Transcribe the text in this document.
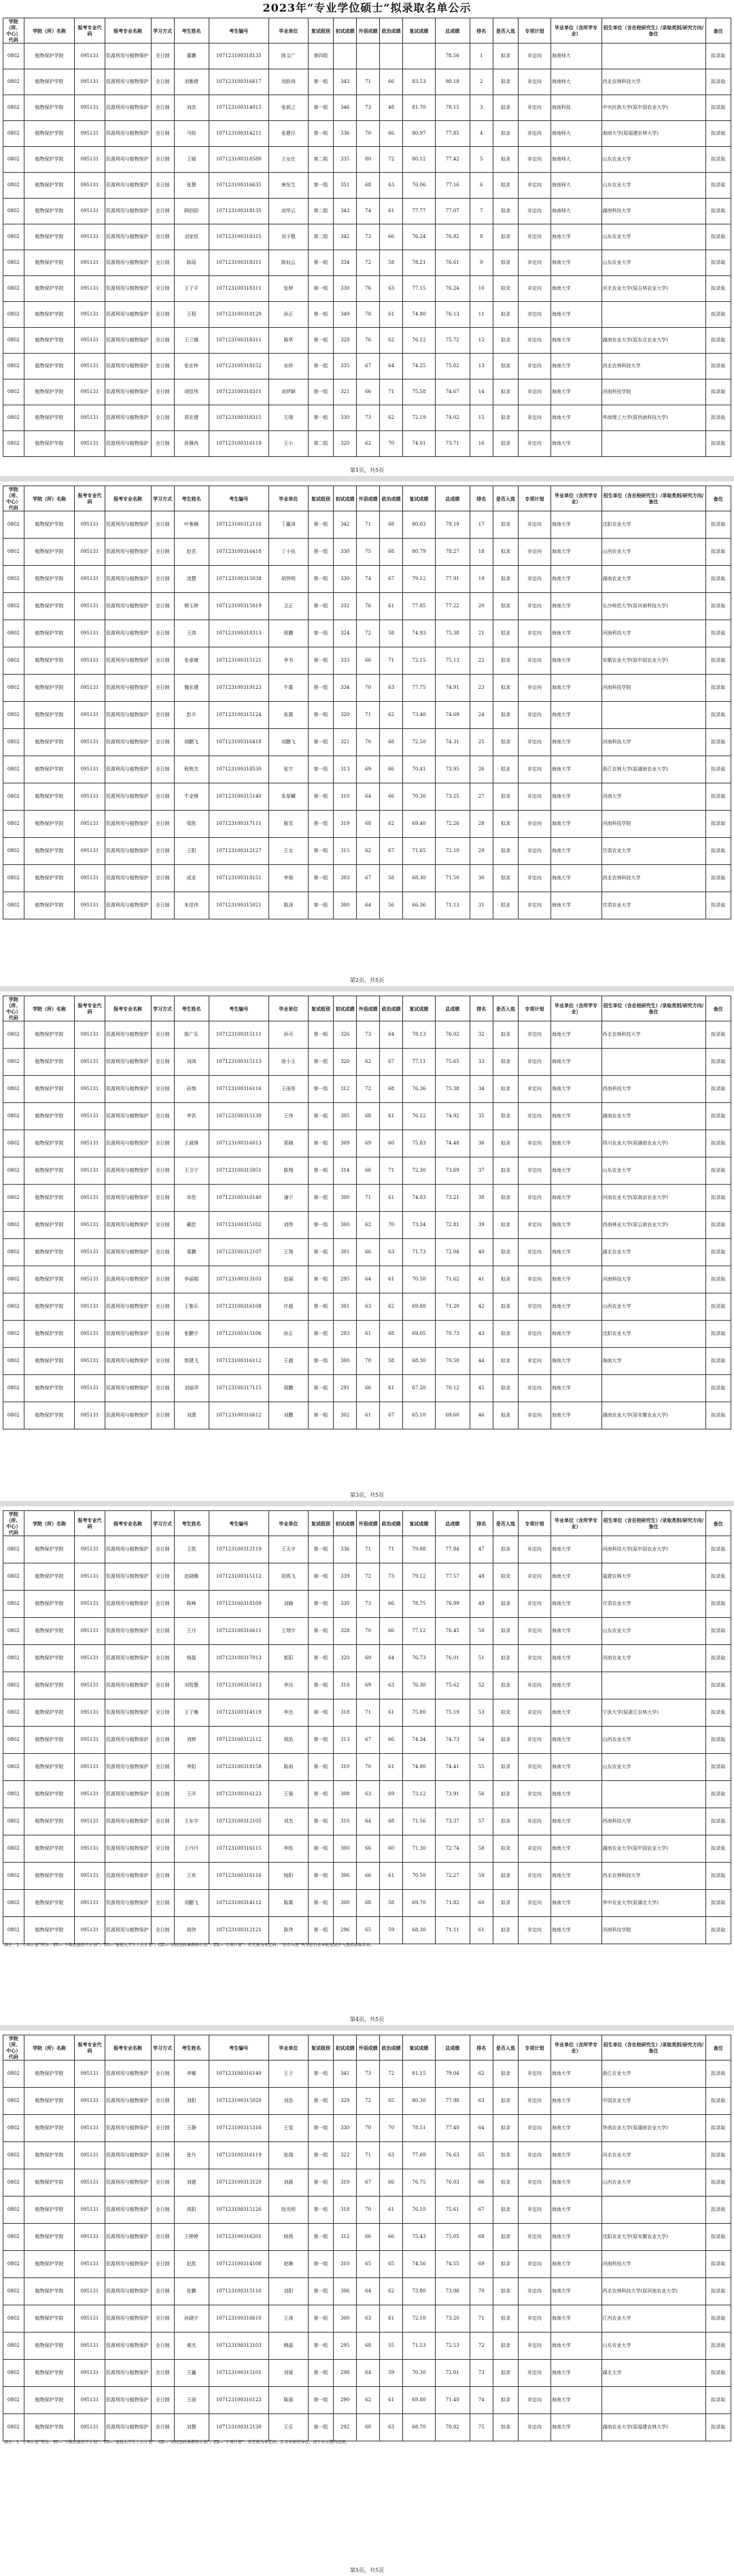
2023年“专业学位硕士”拟录取名单公示
学院（所、中心）代码	学院（所）名称	报考专业代码	报考专业名称	学习方式	考生姓名	考生编号	毕业单位	复试组别	初试成绩	外语成绩	政治成绩	复试成绩	总成绩	排名	是否入选	专项计划	毕业单位（含所学专业）	招生单位（含在校研究生）/录取类别/研究方向/备注	备注
0802	植物保护学院	095131	资源利用与植物保护	全日制	董鹏	107123100318135	陈文广	第四组					78.56	1	拟录	非定向	海南师大		拟录取
0802	植物保护学院	095131	资源利用与植物保护	全日制	刘雅倩	107123100316617	刘跃尚	第一组	343	71	66	83.53	80.18	2	拟录	非定向	海南师大	西北农林科技大学	拟录取
0802	植物保护学院	095131	资源利用与植物保护	全日制	刘彦	107123100314015	张拱之	第一组	346	73	48	81.70	78.15	3	拟录	非定向	海南科技	中央民族大学(原中国农业大学)	拟录取
0802	植物保护学院	095131	资源利用与植物保护	全日制	马铭	107123100314211	张健仔	第一组	336	70	66	80.97	77.85	4	拟录	非定向	海南师大	海南大学(原福建农林大学)	拟录取
0802	植物保护学院	095131	资源利用与植物保护	全日制	王媛	107123100318580	王女仕	第二组	335	80	72	80.12	77.42	5	拟录	非定向	海南师大	山东农业大学	拟录取
0802	植物保护学院	095131	资源利用与植物保护	全日制	张慧	107123100316635	唐发生	第一组	351	68	63	76.06	77.16	6	拟录	非定向	海南师大	山东农业大学	拟录取
0802	植物保护学院	095131	资源利用与植物保护	全日制	顾伯阳	107123100318135	刘华云	第二组	343	74	61	77.77	77.07	7	拟录	非定向	海南师大	湖南科技大学	拟录取
0802	植物保护学院	095131	资源利用与植物保护	全日制	刘家恒	107123100318315	刘子敬	第二组	342	73	66	76.24	76.82	8	拟录	非定向	海南大学	山东农业大学	拟录取
0802	植物保护学院	095131	资源利用与植物保护	全日制	陈瑶	107123100318311	陈仙云	第一组	334	72	58	78.21	76.61	9	拟录	非定向	海南大学	山东农业大学	拟录取
0802	植物保护学院	095131	资源利用与植物保护	全日制	王子平	107123100318311	张婷	第一组	330	76	63	77.15	76.24	10	拟录	非定向	海南大学	河北农业大学(原吉林农业大学)	拟录取
0802	植物保护学院	095131	资源利用与植物保护	全日制	王程	107123100318120	孙正	第一组	349	78	61	74.80	76.13	11	拟录	非定向	海南大学		拟录取
0802	植物保护学院	095131	资源利用与植物保护	全日制	王兰娜	107123100318311	陈华	第一组	328	76	62	76.12	75.72	12	拟录	非定向	海南大学	湖南农业大学(原东北农业大学)	拟录取
0802	植物保护学院	095131	资源利用与植物保护	全日制	张宏梓	107123100318152	宋仲	第一组	335	67	64	74.25	75.02	13	拟录	非定向	海南大学	西北农林科技大学	拟录取
0802	植物保护学院	095131	资源利用与植物保护	全日制	胡佳伟	107123100318311	刘伊颖	第一组	321	66	71	75.58	74.67	14	拟录	非定向	海南大学	河南科技学院	拟录取
0802	植物保护学院	095131	资源利用与植物保护	全日制	郑宏建	107123100318315	左瑞	第一组	330	73	62	72.19	74.02	15	拟录	非定向	海南大学	华南理工大学(原西南科技大学)	拟录取
0802	植物保护学院	095131	资源利用与植物保护	全日制	孙佩冉	107123100316119	王小	第二组	320	62	70	74.01	73.71	16	拟录	非定向	海南大学		拟录取
第1页，共5页
学院（所、中心）代码	学院（所）名称	报考专业代码	报考专业名称	学习方式	考生姓名	考生编号	毕业单位	复试组别	初试成绩	外语成绩	政治成绩	复试成绩	总成绩	排名	是否入选	专项计划	毕业单位（含所学专业）	招生单位（含在校研究生）/录取类别/研究方向/备注	备注
0802	植物保护学院	095131	资源利用与植物保护	全日制	叶雅楠	107123100312116	丁赢泽	第一组	342	71	68	80.03	79.19	17	拟录	非定向	海南大学	沈阳农业大学	拟录取
0802	植物保护学院	095131	资源利用与植物保护	全日制	赵君	107123100316418	丁小伍	第一组	330	75	68	80.79	78.27	18	拟录	非定向	海南大学	山西农业大学	拟录取
0802	植物保护学院	095131	资源利用与植物保护	全日制	凌慧	107123100315038	胡伟明	第一组	330	74	67	79.12	77.91	19	拟录	非定向	海南大学	湖南农业大学	拟录取
0802	植物保护学院	095131	资源利用与植物保护	全日制	柳玉婷	107123100315019	卫正	第一组	332	76	61	77.85	77.22	20	拟录	非定向	海南大学	长沙师范大学(原河南科技大学)	拟录取
0802	植物保护学院	095131	资源利用与植物保护	全日制	王鸿	107123100318313	邢鹏	第一组	324	72	58	74.93	75.38	21	拟录	非定向	海南大学	河南科技大学	拟录取
0802	植物保护学院	095131	资源利用与植物保护	全日制	张春婕	107123100315121	李书	第一组	333	66	71	72.15	75.13	22	拟录	非定向	海南大学	安徽农业大学(原中国农业大学)	拟录取
0802	植物保护学院	095131	资源利用与植物保护	全日制	魏宏建	107123100319123	牛霞	第一组	334	70	63	77.75	74.91	23	拟录	非定向	海南大学	河南科技学院	拟录取
0802	植物保护学院	095131	资源利用与植物保护	全日制	彭丰	107123100315124	张霞	第一组	320	71	62	73.40	74.69	24	拟录	非定向	海南大学		拟录取
0802	植物保护学院	095131	资源利用与植物保护	全日制	胡鹏飞	107123100316418	刘鹏飞	第一组	321	70	68	72.50	74.31	25	拟录	非定向	海南大学	河南科技大学	拟录取
0802	植物保护学院	095131	资源利用与植物保护	全日制	程俊杰	107123100318530	张宇	第一组	313	69	66	70.41	73.95	26	拟录	非定向	海南大学	浙江农林大学(原湖南农业大学)	拟录取
0802	植物保护学院	095131	资源利用与植物保护	全日制	牛金锋	107123100315140	朱厚麟	第一组	310	64	66	70.30	73.25	27	拟录	非定向	海南大学	河南大学	拟录取
0802	植物保护学院	095131	资源利用与植物保护	全日制	梁凯	107123100317111	陈雪	第一组	319	68	62	69.40	72.26	28	拟录	非定向	海南大学	河南科技学院	拟录取
0802	植物保护学院	095131	资源利用与植物保护	全日制	王阳	107123100312127	王女	第一组	315	62	67	71.65	72.10	29	拟录	非定向	海南大学	甘肃农业大学	拟录取
0802	植物保护学院	095131	资源利用与植物保护	全日制	成亚	107123100318151	李强	第一组	303	67	58	68.30	71.50	30	拟录	非定向	海南大学	西北农林科技大学	拟录取
0802	植物保护学院	095131	资源利用与植物保护	全日制	朱佳伟	107123100315021	陈泽	第一组	300	64	56	66.36	71.13	31	拟录	非定向	海南大学	甘肃农业大学	拟录取
第2页，共5页
学院（所、中心）代码	学院（所）名称	报考专业代码	报考专业名称	学习方式	考生姓名	考生编号	毕业单位	复试组别	初试成绩	外语成绩	政治成绩	复试成绩	总成绩	排名	是否入选	专项计划	毕业单位（含所学专业）	招生单位（含在校研究生）/录取类别/研究方向/备注	备注
0802	植物保护学院	095131	资源利用与植物保护	全日制	陈广乐	107123100315111	孙可	第一组	326	73	64	78.13	76.02	32	拟录	非定向	海南大学	西北农林科技大学	拟录取
0802	植物保护学院	095131	资源利用与植物保护	全日制	刘鸿	107123100315113	庞小玉	第一组	320	62	67	77.11	75.65	33	拟录	非定向	海南大学		拟录取
0802	植物保护学院	095131	资源利用与植物保护	全日制	孙翔	107123100316116	王雨彤	第一组	312	72	68	76.36	75.38	34	拟录	非定向	海南大学	西南科技大学	拟录取
0802	植物保护学院	095131	资源利用与植物保护	全日制	李君	107123100315130	王伟	第一组	305	68	61	76.12	74.92	35	拟录	非定向	海南大学	湖南农业大学	拟录取
0802	植物保护学院	095131	资源利用与植物保护	全日制	王晨锋	107123100316013	郑晓	第一组	309	69	60	75.83	74.48	36	拟录	非定向	海南大学	四川农业大学(原湖南农业大学)	拟录取
0802	植物保护学院	095131	资源利用与植物保护	全日制	王卫宁	107123100315051	陈翔	第一组	314	66	71	72.30	73.69	37	拟录	非定向	海南大学	山东农业大学	拟录取
0802	植物保护学院	095131	资源利用与植物保护	全日制	单佳	107123100316140	潘宁	第一组	300	71	61	74.03	73.21	38	拟录	非定向	海南大学	河南农业大学(原南京农业大学)	拟录取
0802	植物保护学院	095131	资源利用与植物保护	全日制	戴佳	107123100315102	刘伟	第一组	300	62	70	73.34	72.81	39	拟录	非定向	海南大学	西南林业大学(原云南农业大学)	拟录取
0802	植物保护学院	095131	资源利用与植物保护	全日制	葛鹏	107123100312107	王翔	第一组	301	66	63	71.73	72.04	40	拟录	非定向	海南大学	湖北农业大学	拟录取
0802	植物保护学院	095131	资源利用与植物保护	全日制	李丽娟	107123100313103	赵丽	第一组	295	64	61	70.50	71.62	41	拟录	非定向	海南大学	河南科技大学	拟录取
0802	植物保护学院	095131	资源利用与植物保护	全日制	王雅乐	107123100316108	许超	第一组	301	63	62	69.88	71.20	42	拟录	非定向	海南大学	山西农业大学	拟录取
0802	植物保护学院	095131	资源利用与植物保护	全日制	张鹏宇	107123100315106	孙正	第一组	293	61	68	69.05	70.73	43	拟录	非定向	海南大学	沈阳农业大学	拟录取
0802	植物保护学院	095131	资源利用与植物保护	全日制	郭建飞	107123100316112	王超	第一组	300	70	58	68.30	70.50	44	拟录	非定向	海南大学	海南大学	拟录取
0802	植物保护学院	095131	资源利用与植物保护	全日制	刘丽萍	107123100317115	胡鹏	第一组	291	66	61	67.20	70.12	45	拟录	非定向	海南大学		拟录取
0802	植物保护学院	095131	资源利用与植物保护	全日制	刘潇	107123100316612	刘鹏	第一组	302	61	67	65.10	69.60	46	拟录	非定向	海南大学	湖南农业大学(原安徽农业大学)	拟录取
第3页，共5页
学院（所、中心）代码	学院（所）名称	报考专业代码	报考专业名称	学习方式	考生姓名	考生编号	毕业单位	复试组别	初试成绩	外语成绩	政治成绩	复试成绩	总成绩	排名	是否入选	专项计划	毕业单位（含所学专业）	招生单位（含在校研究生）/录取类别/研究方向/备注	备注
0802	植物保护学院	095131	资源利用与植物保护	全日制	王凯	107123100312119	王天宇	第一组	336	71	71	79.88	77.84	47	拟录	非定向	海南大学	河南科技大学(原中国农业大学)	拟录取
0802	植物保护学院	095131	资源利用与植物保护	全日制	赵晓腾	107123100315112	胡鸿飞	第一组	339	72	73	79.12	77.57	48	拟录	非定向	海南大学	福建农林大学	拟录取
0802	植物保护学院	095131	资源利用与植物保护	全日制	陈峰	107123100318109	刘晓	第一组	330	73	66	78.75	76.99	49	拟录	非定向	海南大学	甘肃农业大学	拟录取
0802	植物保护学院	095131	资源利用与植物保护	全日制	王丹	107123100316611	王翔宇	第一组	328	70	66	77.12	76.45	50	拟录	非定向	海南大学	山东农业大学	拟录取
0802	植物保护学院	095131	资源利用与植物保护	全日制	杨磊	107123100317013	郭阳	第一组	320	69	64	76.73	76.01	51	拟录	非定向	海南大学	河南农业大学	拟录取
0802	植物保护学院	095131	资源利用与植物保护	全日制	刘智慧	107123100315013	李达	第一组	318	69	63	76.30	75.62	52	拟录	非定向	海南大学		拟录取
0802	植物保护学院	095131	资源利用与植物保护	全日制	王子衡	107123100314119	李达	第一组	318	71	61	75.80	75.19	53	拟录	非定向	海南大学	宁波大学(原浙江农林大学)	拟录取
0802	植物保护学院	095131	资源利用与植物保护	全日制	刘婷	107123100312112	胡浩	第一组	313	67	66	74.34	74.73	54	拟录	非定向	海南大学	山西农业大学	拟录取
0802	植物保护学院	095131	资源利用与植物保护	全日制	李阳	107123100318158	陈雨	第一组	310	70	61	74.00	74.41	55	拟录	非定向	海南大学	山东农业大学	拟录取
0802	植物保护学院	095131	资源利用与植物保护	全日制	王洋	107123100316123	王强	第一组	308	63	69	73.12	73.91	56	拟录	非定向	海南大学		拟录取
0802	植物保护学院	095131	资源利用与植物保护	全日制	王东宇	107123100312105	刘杰	第一组	310	64	68	71.56	73.37	57	拟录	非定向	海南大学	西南科技大学	拟录取
0802	植物保护学院	095131	资源利用与植物保护	全日制	王丹丹	107123100316115	李铭	第一组	300	66	60	71.30	72.74	58	拟录	非定向	海南大学	湖南农业大学(原中国农业大学)	拟录取
0802	植物保护学院	095131	资源利用与植物保护	全日制	王欢	107123100316116	杨阳	第一组	306	66	61	70.50	72.27	59	拟录	非定向	海南大学	西北农林科技大学	拟录取
0802	植物保护学院	095131	资源利用与植物保护	全日制	刘鹏飞	107123100314112	陈霞	第一组	300	68	58	69.70	71.82	60	拟录	非定向	海南大学	华中农业大学(原湖北大学)	拟录取
0802	植物保护学院	095131	资源利用与植物保护	全日制	胡伟	107123100312121	陈伟	第一组	296	65	59	68.30	71.11	61	拟录	非定向	海南大学	河南科技学院	拟录取
备注：1.“专项计划”列为：SY—“少数民族骨干计划”；TG—“退役大学生士兵计划”；GZ—“高校思政课教师计划”；ZX—“专项计划”；若无则为非定向；“是否入选”列为是否在本轮复试中入选拟录取名单。
第4页，共5页
学院（所、中心）代码	学院（所）名称	报考专业代码	报考专业名称	学习方式	考生姓名	考生编号	毕业单位	复试组别	初试成绩	外语成绩	政治成绩	复试成绩	总成绩	排名	是否入选	专项计划	毕业单位（含所学专业）	招生单位（含在校研究生）/录取类别/研究方向/备注	备注
0802	植物保护学院	095131	资源利用与植物保护	全日制	李娜	107123100316140	王子	第一组	341	73	72	81.15	79.04	62	拟录	非定向	海南大学	浙江农业大学	拟录取
0802	植物保护学院	095131	资源利用与植物保护	全日制	刘阳	107123100315020	刘浩	第一组	329	72	65	80.30	77.98	63	拟录	非定向	海南大学	中国农业大学	拟录取
0802	植物保护学院	095131	资源利用与植物保护	全日制	王静	107123100315316	王雯	第一组	330	70	70	78.51	77.40	64	拟录	非定向	海南大学	华南农业大学(原湖南农业大学)	拟录取
0802	植物保护学院	095131	资源利用与植物保护	全日制	张丹	107123100316119	张瑞	第一组	322	71	63	77.69	76.63	65	拟录	非定向	海南大学	河北农业大学	拟录取
0802	植物保护学院	095131	资源利用与植物保护	全日制	刘建	107123100313120	刘晨	第一组	319	67	66	76.75	76.03	66	拟录	非定向	海南大学	山西农业大学	拟录取
0802	植物保护学院	095131	资源利用与植物保护	全日制	高阳	107123100315126	赵光明	第一组	318	70	61	76.10	75.61	67	拟录	非定向	海南大学		拟录取
0802	植物保护学院	095131	资源利用与植物保护	全日制	王婷婷	107123100316201	杨茜	第一组	312	66	66	75.43	75.05	68	拟录	非定向	海南大学	沈阳农业大学(原安徽农业大学)	拟录取
0802	植物保护学院	095131	资源利用与植物保护	全日制	赵凯	107123100314108	赵琳	第一组	310	65	65	74.56	74.55	69	拟录	非定向	海南大学	河南科技大学	拟录取
0802	植物保护学院	095131	资源利用与植物保护	全日制	张鹏	107123100315110	刘阳	第一组	306	64	62	73.80	73.96	70	拟录	非定向	海南大学	西北农林科技大学(原河南农业大学)	拟录取
0802	植物保护学院	095131	资源利用与植物保护	全日制	孙晓宇	107123100316610	王涛	第一组	300	63	61	72.10	73.20	71	拟录	非定向	海南大学	江西农业大学	拟录取
0802	植物保护学院	095131	资源利用与植物保护	全日制	黄杰	107123100313103	韩磊	第一组	295	68	55	71.53	72.53	72	拟录	非定向	海南大学	山东农业大学	拟录取
0802	植物保护学院	095131	资源利用与植物保护	全日制	王鑫	107123100315101	刘斌	第一组	298	64	59	70.30	72.01	73	拟录	非定向	海南大学	湖北大学	拟录取
0802	植物保护学院	095131	资源利用与植物保护	全日制	王丽	107123100316123	陈丽	第一组	290	62	61	69.80	71.40	74	拟录	非定向	海南大学		拟录取
0802	植物保护学院	095131	资源利用与植物保护	全日制	刘慧	107123100312130	王乐	第一组	292	60	63	68.70	70.82	75	拟录	非定向	海南大学	湖南农业大学(原福建农林大学)	拟录取
备注：1.“专项计划”列为：SY—“少数民族骨干计划”；TG—“退役大学生士兵计划”；GZ—“高校思政课教师计划”；ZX—“专项计划”；若无则为非定向。2.名单如有异议，请于公示期内反映。
第5页，共5页
